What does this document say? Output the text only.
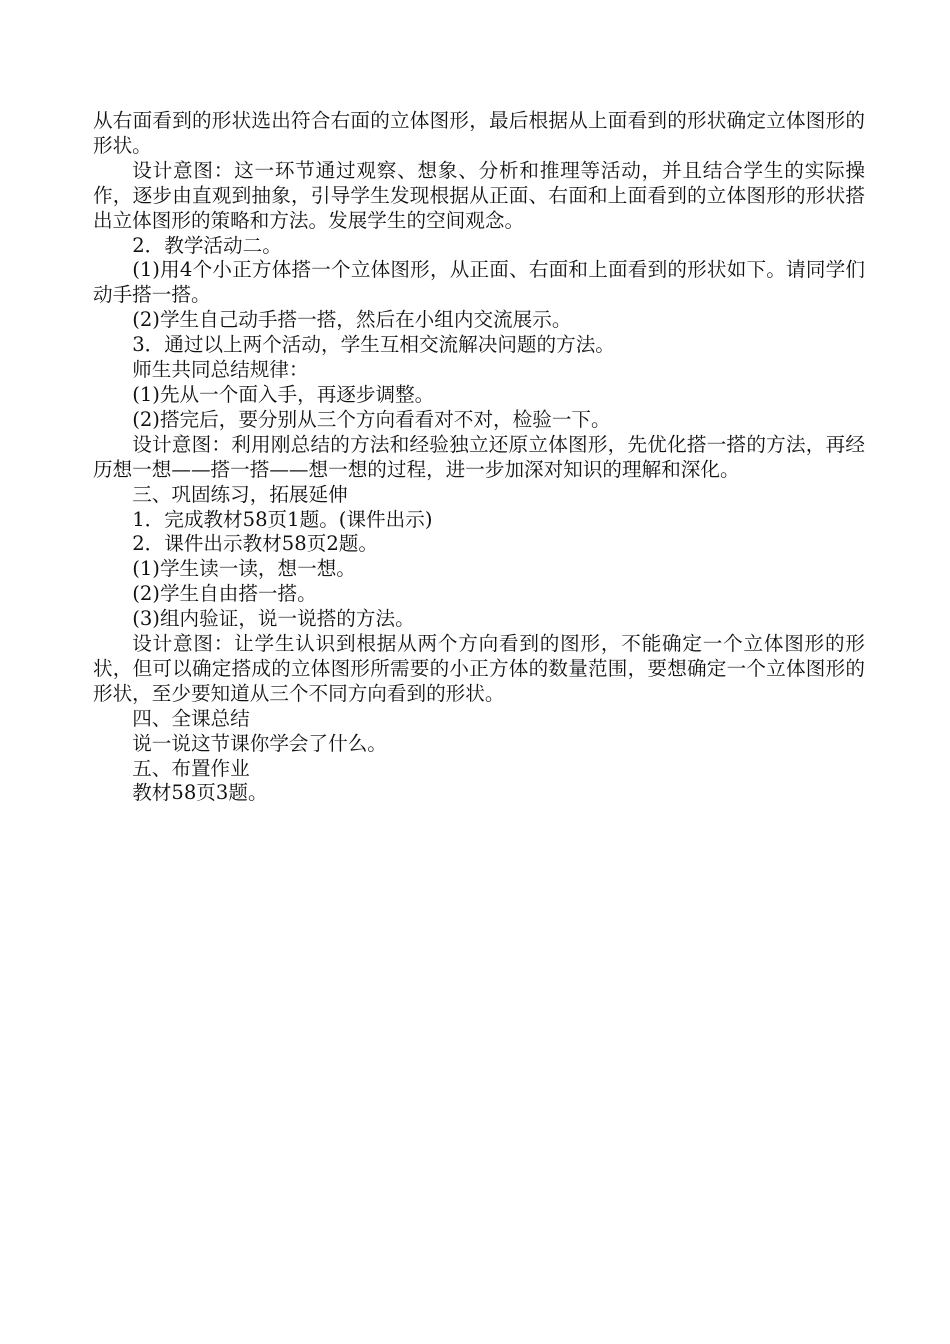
从右面看到的形状选出符合右面的立体图形，最后根据从上面看到的形状确定立体图形的形状。

设计意图：这一环节通过观察、想象、分析和推理等活动，并且结合学生的实际操作，逐步由直观到抽象，引导学生发现根据从正面、右面和上面看到的立体图形的形状搭出立体图形的策略和方法。发展学生的空间观念。

2．教学活动二。

(1)用4个小正方体搭一个立体图形，从正面、右面和上面看到的形状如下。请同学们动手搭一搭。

(2)学生自己动手搭一搭，然后在小组内交流展示。

3．通过以上两个活动，学生互相交流解决问题的方法。

师生共同总结规律：

(1)先从一个面入手，再逐步调整。

(2)搭完后，要分别从三个方向看看对不对，检验一下。

设计意图：利用刚总结的方法和经验独立还原立体图形，先优化搭一搭的方法，再经历想一想——搭一搭——想一想的过程，进一步加深对知识的理解和深化。

三、巩固练习，拓展延伸

1．完成教材58页1题。(课件出示)

2．课件出示教材58页2题。

(1)学生读一读，想一想。

(2)学生自由搭一搭。

(3)组内验证，说一说搭的方法。

设计意图：让学生认识到根据从两个方向看到的图形，不能确定一个立体图形的形状，但可以确定搭成的立体图形所需要的小正方体的数量范围，要想确定一个立体图形的形状，至少要知道从三个不同方向看到的形状。

四、全课总结

说一说这节课你学会了什么。

五、布置作业

教材58页3题。
